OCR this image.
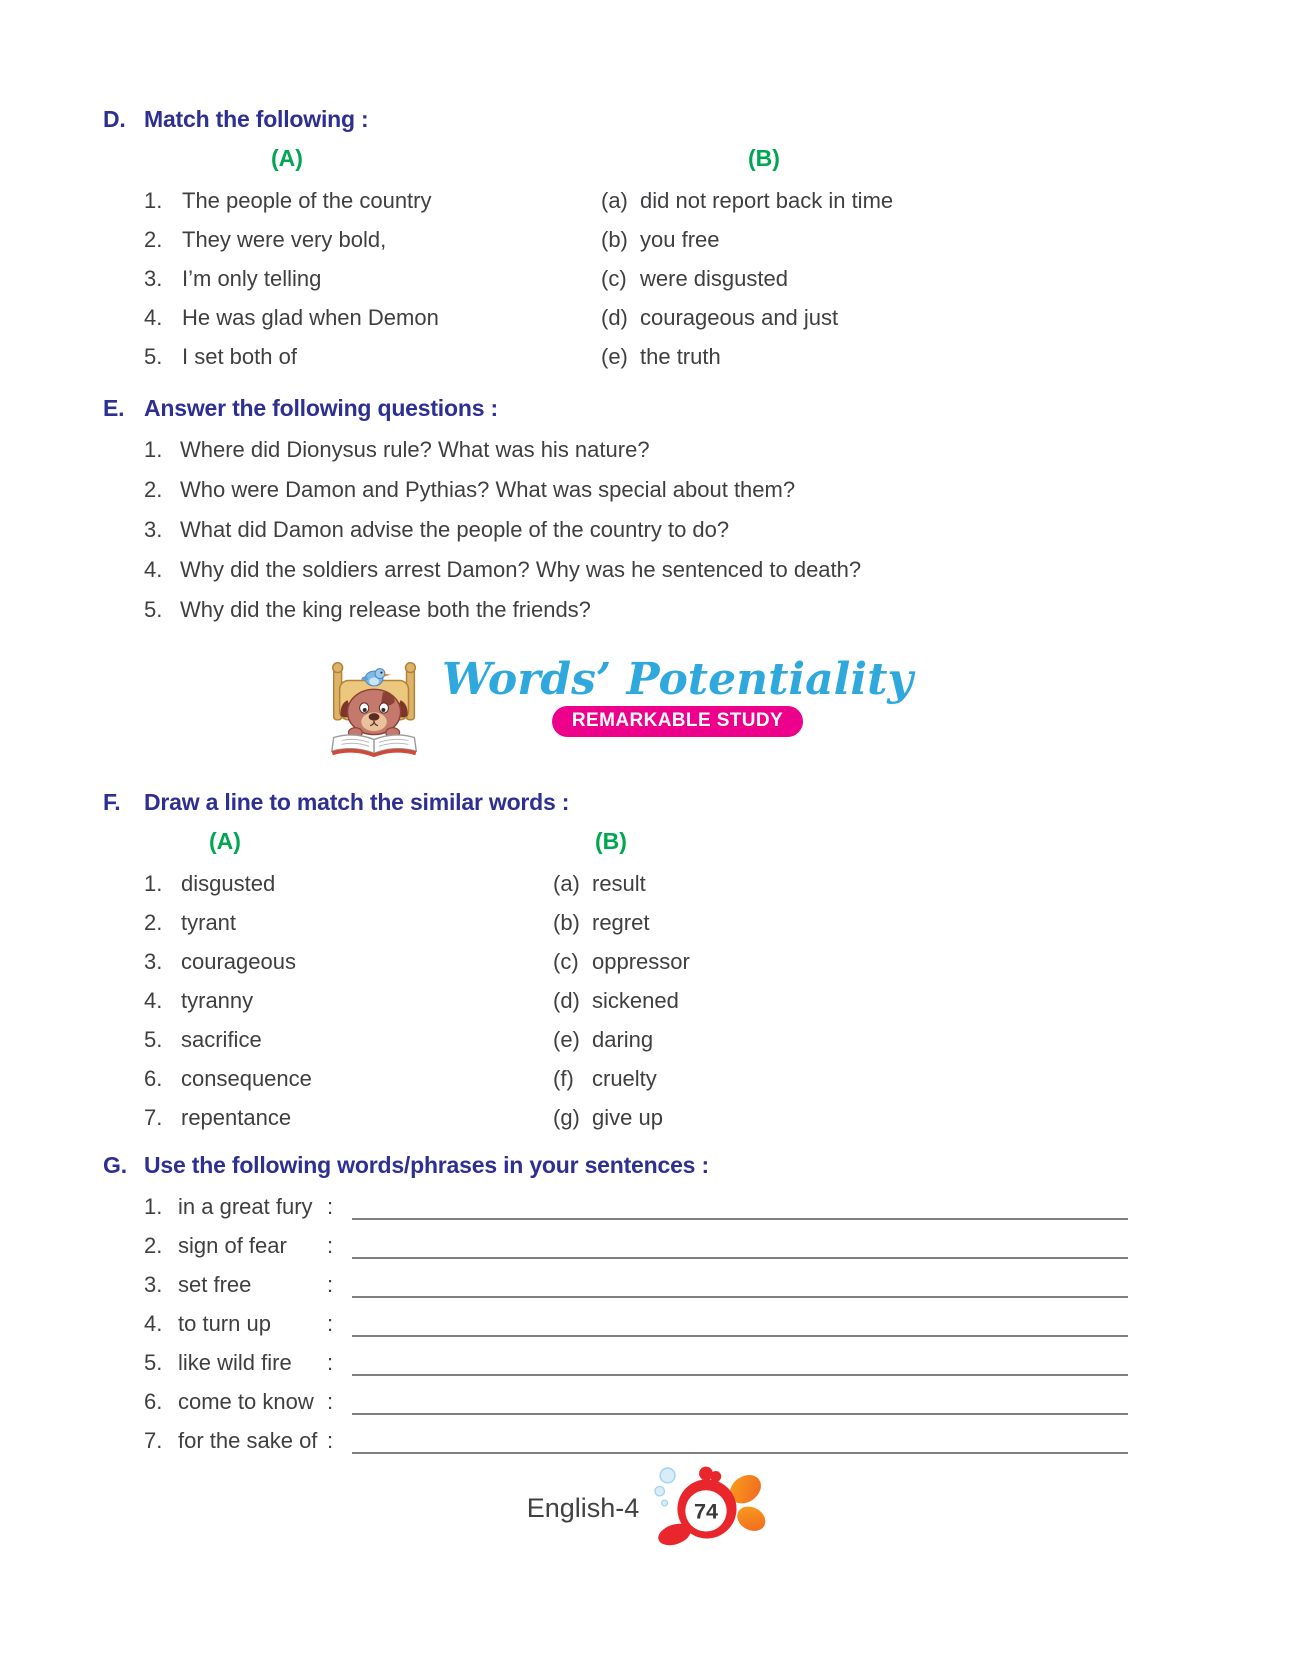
D. Match the following :
(A)	(B)
1. The people of the country	(a) did not report back in time
2. They were very bold,	(b) you free
3. I’m only telling	(c) were disgusted
4. He was glad when Demon	(d) courageous and just
5. I set both of	(e) the truth
E. Answer the following questions :
1. Where did Dionysus rule? What was his nature?
2. Who were Damon and Pythias? What was special about them?
3. What did Damon advise the people of the country to do?
4. Why did the soldiers arrest Damon? Why was he sentenced to death?
5. Why did the king release both the friends?
Words’ Potentiality
REMARKABLE STUDY
F.	Draw a line to match the similar words :
(A)	(B)
1. disgusted	(a) result
2. tyrant	(b) regret
3. courageous	(c) oppressor
4. tyranny	(d) sickened
5. sacrifice	(e) daring
6. consequence	(f) cruelty
7. repentance	(g) give up
G. Use the following words/phrases in your sentences :
1. in a great fury :
2. sign of fear	:
3. set free	:
4. to turn up	:
5. like wild fire	:
6. come to know :
7. for the sake of :
English-4 74
